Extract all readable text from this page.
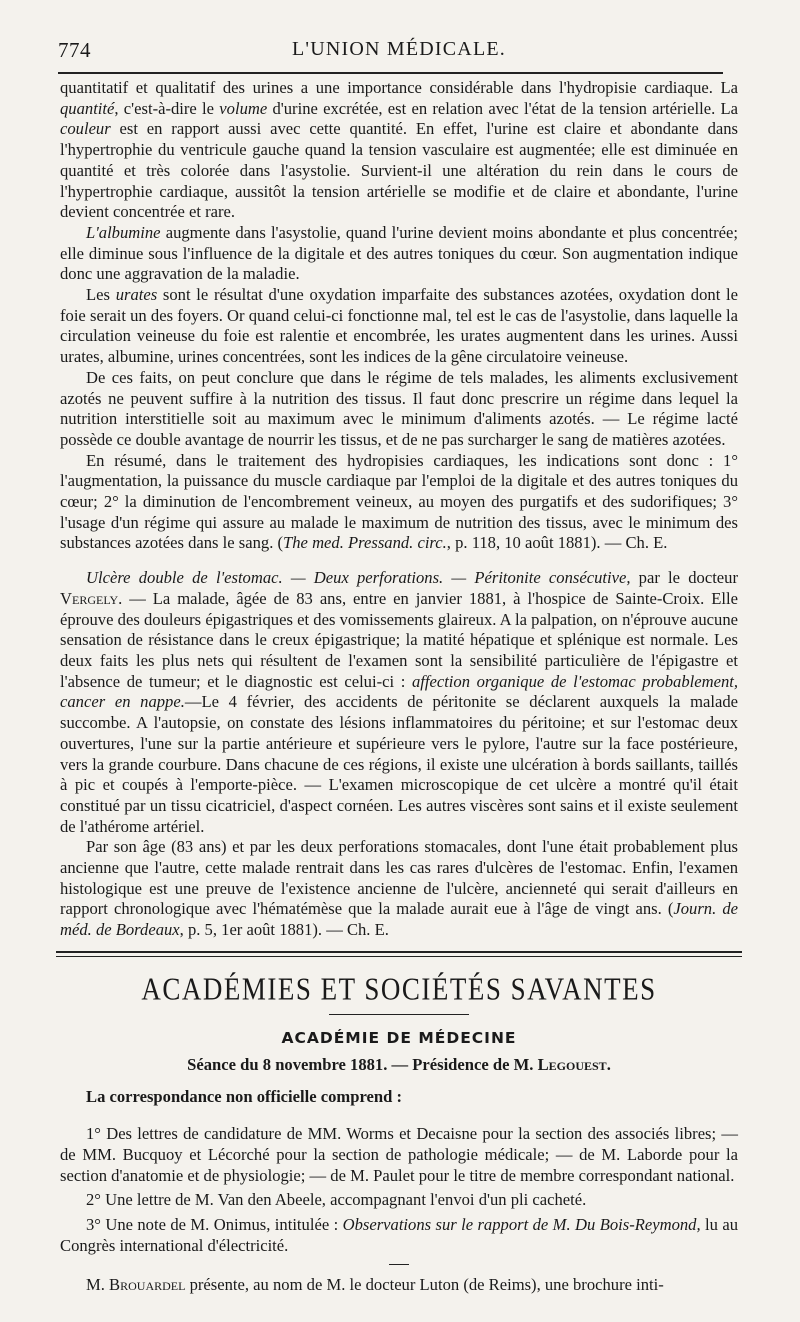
774	L'UNION MÉDICALE.

quantitatif et qualitatif des urines a une importance considérable dans l'hydropisie cardiaque. La quantité, c'est-à-dire le volume d'urine excrétée, est en relation avec l'état de la tension artérielle. La couleur est en rapport aussi avec cette quantité. En effet, l'urine est claire et abondante dans l'hypertrophie du ventricule gauche quand la tension vasculaire est augmentée; elle est diminuée en quantité et très colorée dans l'asystolie. Survient-il une altération du rein dans le cours de l'hypertrophie cardiaque, aussitôt la tension artérielle se modifie et de claire et abondante, l'urine devient concentrée et rare.

L'albumine augmente dans l'asystolie, quand l'urine devient moins abondante et plus concentrée; elle diminue sous l'influence de la digitale et des autres toniques du cœur. Son augmentation indique donc une aggravation de la maladie.

Les urates sont le résultat d'une oxydation imparfaite des substances azotées, oxydation dont le foie serait un des foyers. Or quand celui-ci fonctionne mal, tel est le cas de l'asystolie, dans laquelle la circulation veineuse du foie est ralentie et encombrée, les urates augmentent dans les urines. Aussi urates, albumine, urines concentrées, sont les indices de la gêne circulatoire veineuse.

De ces faits, on peut conclure que dans le régime de tels malades, les aliments exclusivement azotés ne peuvent suffire à la nutrition des tissus. Il faut donc prescrire un régime dans lequel la nutrition interstitielle soit au maximum avec le minimum d'aliments azotés. — Le régime lacté possède ce double avantage de nourrir les tissus, et de ne pas surcharger le sang de matières azotées.

En résumé, dans le traitement des hydropisies cardiaques, les indications sont donc : 1° l'augmentation, la puissance du muscle cardiaque par l'emploi de la digitale et des autres toniques du cœur; 2° la diminution de l'encombrement veineux, au moyen des purgatifs et des sudorifiques; 3° l'usage d'un régime qui assure au malade le maximum de nutrition des tissus, avec le minimum des substances azotées dans le sang. (The med. Pressand. circ., p. 118, 10 août 1881). — Ch. E.

Ulcère double de l'estomac. — Deux perforations. — Péritonite consécutive, par le docteur Vergely. — La malade, âgée de 83 ans, entre en janvier 1881, à l'hospice de Sainte-Croix. Elle éprouve des douleurs épigastriques et des vomissements glaireux. A la palpation, on n'éprouve aucune sensation de résistance dans le creux épigastrique; la matité hépatique et splénique est normale. Les deux faits les plus nets qui résultent de l'examen sont la sensibilité particulière de l'épigastre et l'absence de tumeur; et le diagnostic est celui-ci : affection organique de l'estomac probablement, cancer en nappe.—Le 4 février, des accidents de péritonite se déclarent auxquels la malade succombe. A l'autopsie, on constate des lésions inflammatoires du péritoine; et sur l'estomac deux ouvertures, l'une sur la partie antérieure et supérieure vers le pylore, l'autre sur la face postérieure, vers la grande courbure. Dans chacune de ces régions, il existe une ulcération à bords saillants, taillés à pic et coupés à l'emporte-pièce. — L'examen microscopique de cet ulcère a montré qu'il était constitué par un tissu cicatriciel, d'aspect cornéen. Les autres viscères sont sains et il existe seulement de l'athérome artériel.

Par son âge (83 ans) et par les deux perforations stomacales, dont l'une était probablement plus ancienne que l'autre, cette malade rentrait dans les cas rares d'ulcères de l'estomac. Enfin, l'examen histologique est une preuve de l'existence ancienne de l'ulcère, ancienneté qui serait d'ailleurs en rapport chronologique avec l'hématémèse que la malade aurait eue à l'âge de vingt ans. (Journ. de méd. de Bordeaux, p. 5, 1er août 1881). — Ch. E.

ACADÉMIES ET SOCIÉTÉS SAVANTES
ACADÉMIE DE MÉDECINE
Séance du 8 novembre 1881. — Présidence de M. Legouest.

La correspondance non officielle comprend :

1° Des lettres de candidature de MM. Worms et Decaisne pour la section des associés libres; — de MM. Bucquoy et Lécorché pour la section de pathologie médicale; — de M. Laborde pour la section d'anatomie et de physiologie; — de M. Paulet pour le titre de membre correspondant national.

2° Une lettre de M. Van den Abeele, accompagnant l'envoi d'un pli cacheté.

3° Une note de M. Onimus, intitulée : Observations sur le rapport de M. Du Bois-Reymond, lu au Congrès international d'électricité.

M. Brouardel présente, au nom de M. le docteur Luton (de Reims), une brochure inti-
